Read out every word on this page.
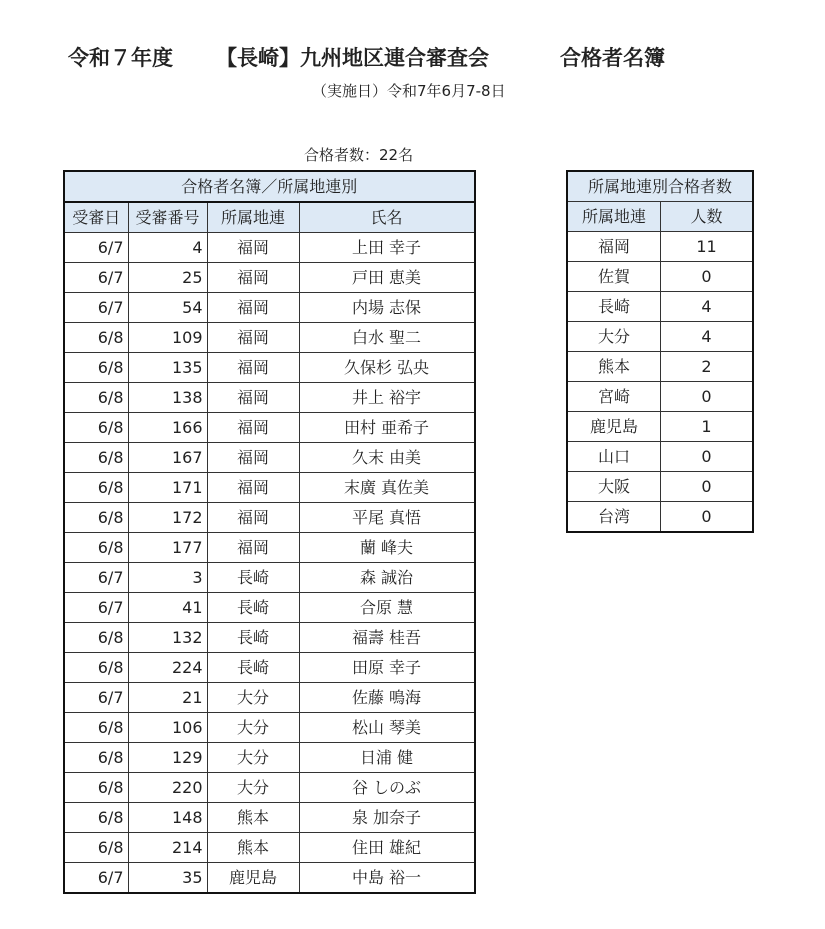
令和７年度 【長崎】九州地区連合審査会	合格者名簿
（実施日）令和7年6月7-8日
合格者数：22名
合格者名簿／所属地連別			
受審日	受審番号	所属地連	氏名
6/7	4	福岡	上田 幸子
6/7	25	福岡	戸田 恵美
6/7	54	福岡	内場 志保
6/8	109	福岡	白水 聖二
6/8	135	福岡	久保杉 弘央
6/8	138	福岡	井上 裕宇
6/8	166	福岡	田村 亜希子
6/8	167	福岡	久末 由美
6/8	171	福岡	末廣 真佐美
6/8	172	福岡	平尾 真悟
6/8	177	福岡	蘭 峰夫
6/7	3	長崎	森 誠治
6/7	41	長崎	合原 慧
6/8	132	長崎	福壽 桂吾
6/8	224	長崎	田原 幸子
6/7	21	大分	佐藤 鳴海
6/8	106	大分	松山 琴美
6/8	129	大分	日浦 健
6/8	220	大分	谷 しのぶ
6/8	148	熊本	泉 加奈子
6/8	214	熊本	住田 雄紀
6/7	35	鹿児島	中島 裕一
所属地連別合格者数	
所属地連	人数
福岡	11
佐賀	0
長崎	4
大分	4
熊本	2
宮崎	0
鹿児島	1
山口	0
大阪	0
台湾	0
